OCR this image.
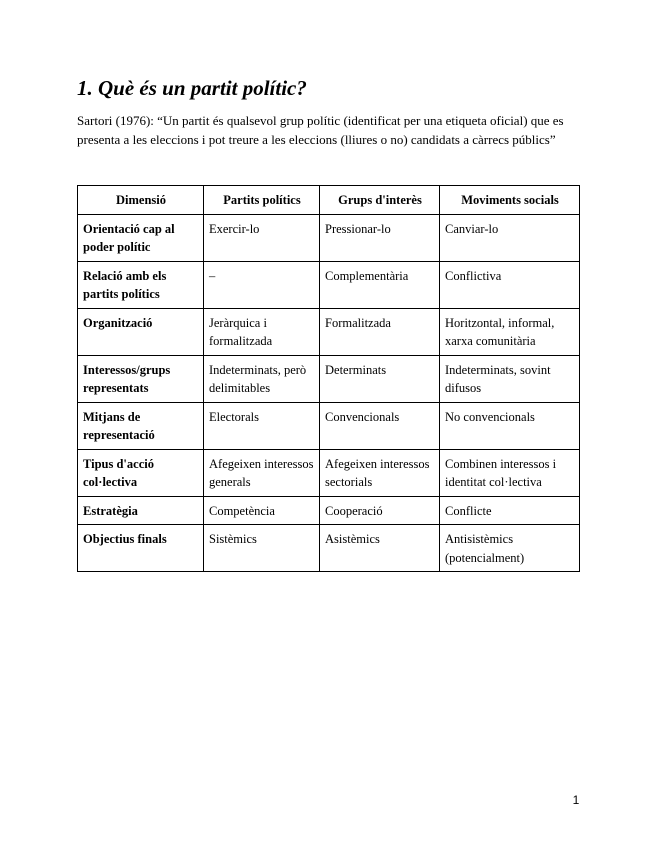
1. Què és un partit polític?

Sartori (1976): “Un partit és qualsevol grup polític (identificat per una etiqueta oficial) que es presenta a les eleccions i pot treure a les eleccions (lliures o no) candidats a càrrecs públics”

Dimensió	Partits polítics	Grups d'interès	Moviments socials
Orientació cap al poder polític	Exercir-lo	Pressionar-lo	Canviar-lo
Relació amb els partits polítics	–	Complementària	Conflictiva
Organització	Jeràrquica i formalitzada	Formalitzada	Horitzontal, informal, xarxa comunitària
Interessos/grups representats	Indeterminats, però delimitables	Determinats	Indeterminats, sovint difusos
Mitjans de representació	Electorals	Convencionals	No convencionals
Tipus d'acció col·lectiva	Afegeixen interessos generals	Afegeixen interessos sectorials	Combinen interessos i identitat col·lectiva
Estratègia	Competència	Cooperació	Conflicte
Objectius finals	Sistèmics	Asistèmics	Antisistèmics (potencialment)
1
